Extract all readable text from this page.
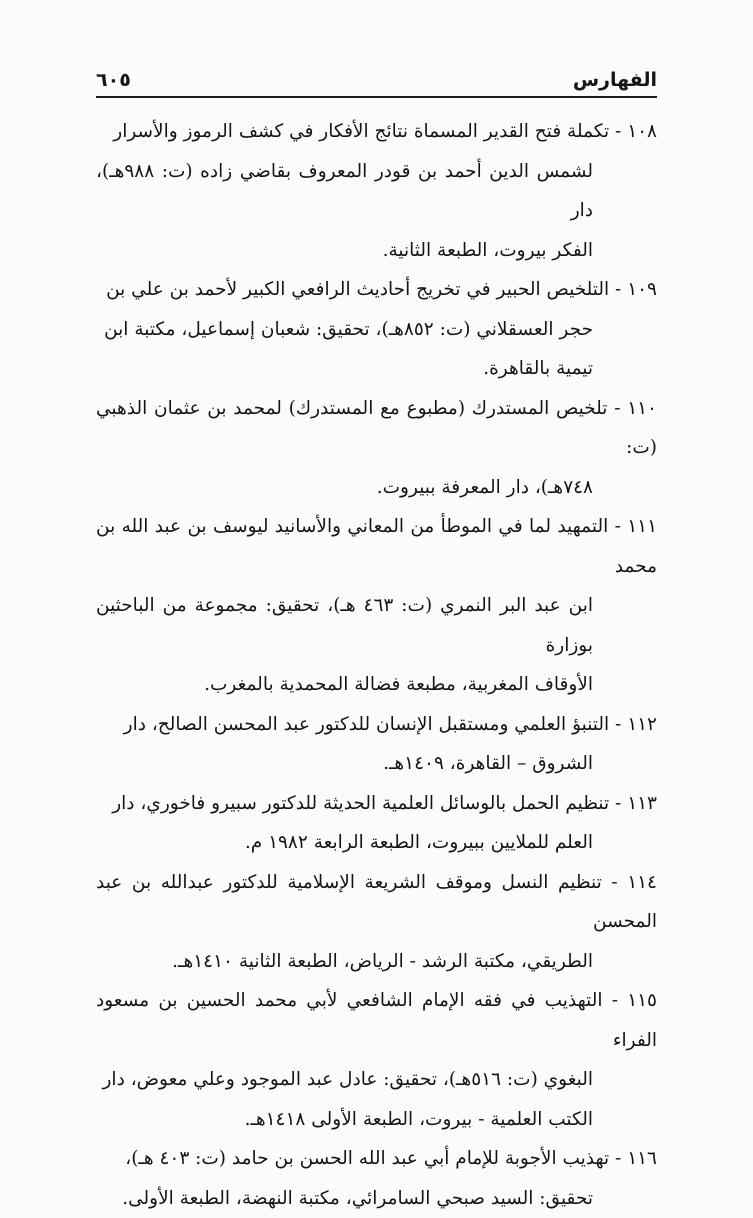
الفهارس
٦٠٥

١٠٨ - تكملة فتح القدير المسماة نتائج الأفكار في كشف الرموز والأسرار
لشمس الدين أحمد بن قودر المعروف بقاضي زاده (ت: ٩٨٨هـ)، دار
الفكر بيروت، الطبعة الثانية.

١٠٩ - التلخيص الحبير في تخريج أحاديث الرافعي الكبير لأحمد بن علي بن
حجر العسقلاني (ت: ٨٥٢هـ)، تحقيق: شعبان إسماعيل، مكتبة ابن
تيمية بالقاهرة.

١١٠ - تلخيص المستدرك (مطبوع مع المستدرك) لمحمد بن عثمان الذهبي (ت:
٧٤٨هـ)، دار المعرفة ببيروت.

١١١ - التمهيد لما في الموطأ من المعاني والأسانيد ليوسف بن عبد الله بن محمد
ابن عبد البر النمري (ت: ٤٦٣ هـ)، تحقيق: مجموعة من الباحثين بوزارة
الأوقاف المغربية، مطبعة فضالة المحمدية بالمغرب.

١١٢ - التنبؤ العلمي ومستقبل الإنسان للدكتور عبد المحسن الصالح، دار
الشروق – القاهرة، ١٤٠٩هـ.

١١٣ - تنظيم الحمل بالوسائل العلمية الحديثة للدكتور سبيرو فاخوري، دار
العلم للملايين ببيروت، الطبعة الرابعة ١٩٨٢ م.

١١٤ - تنظيم النسل وموقف الشريعة الإسلامية للدكتور عبدالله بن عبد المحسن
الطريقي، مكتبة الرشد - الرياض، الطبعة الثانية ١٤١٠هـ.

١١٥ - التهذيب في فقه الإمام الشافعي لأبي محمد الحسين بن مسعود الفراء
البغوي (ت: ٥١٦هـ)، تحقيق: عادل عبد الموجود وعلي معوض، دار
الكتب العلمية - بيروت، الطبعة الأولى ١٤١٨هـ.

١١٦ - تهذيب الأجوبة للإمام أبي عبد الله الحسن بن حامد (ت: ٤٠٣ هـ)،
تحقيق: السيد صبحي السامرائي، مكتبة النهضة، الطبعة الأولى.
